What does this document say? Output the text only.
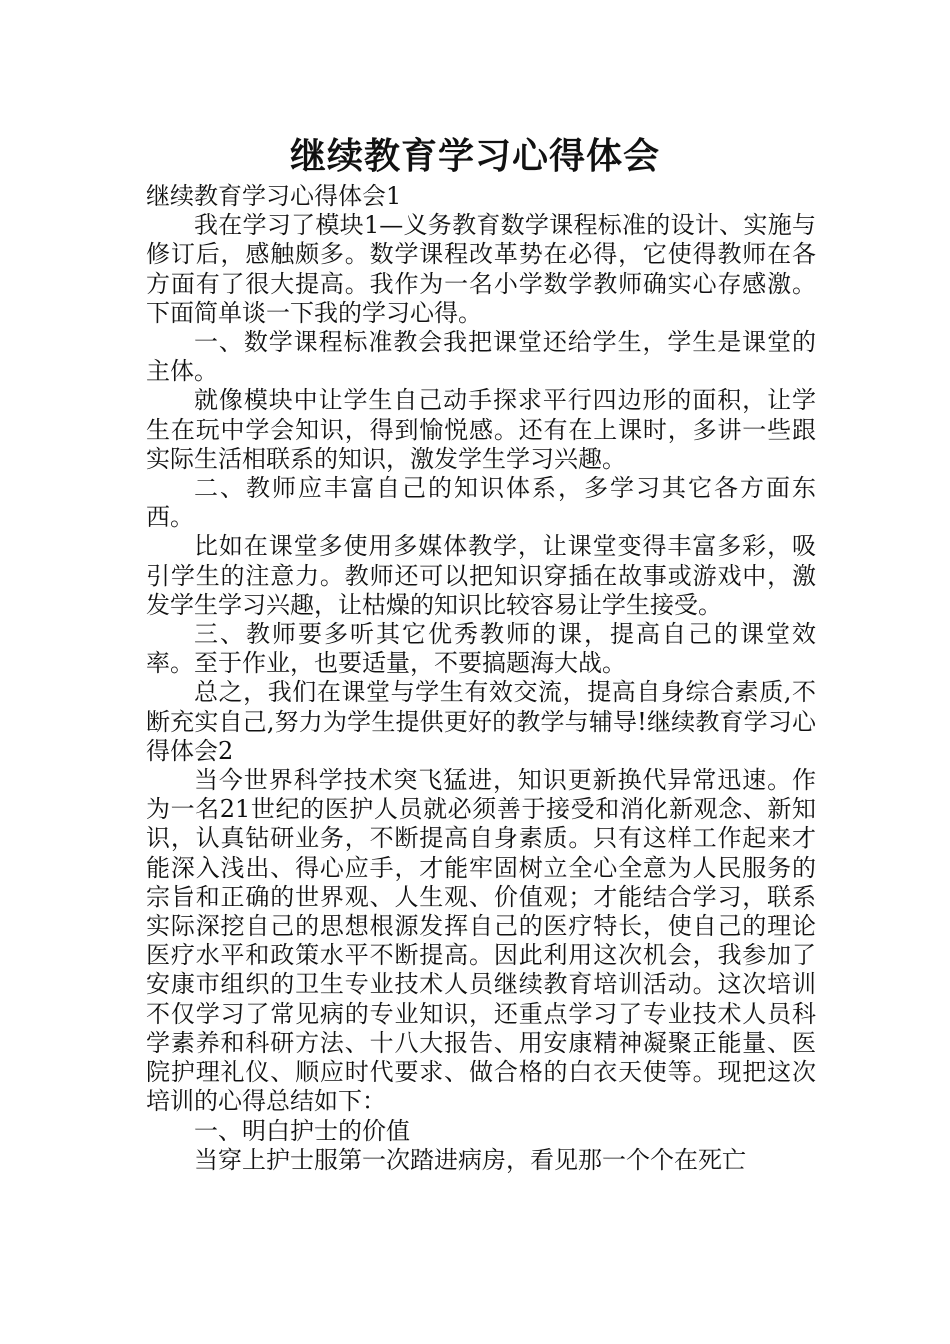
继续教育学习心得体会

继续教育学习心得体会1

我在学习了模块1—义务教育数学课程标准的设计、实施与修订后，感触颇多。数学课程改革势在必得，它使得教师在各方面有了很大提高。我作为一名小学数学教师确实心存感激。下面简单谈一下我的学习心得。

一、数学课程标准教会我把课堂还给学生，学生是课堂的主体。

就像模块中让学生自己动手探求平行四边形的面积，让学生在玩中学会知识，得到愉悦感。还有在上课时，多讲一些跟实际生活相联系的知识，激发学生学习兴趣。

二、教师应丰富自己的知识体系，多学习其它各方面东西。

比如在课堂多使用多媒体教学，让课堂变得丰富多彩，吸引学生的注意力。教师还可以把知识穿插在故事或游戏中，激发学生学习兴趣，让枯燥的知识比较容易让学生接受。

三、教师要多听其它优秀教师的课，提高自己的课堂效率。至于作业，也要适量，不要搞题海大战。

总之，我们在课堂与学生有效交流，提高自身综合素质,不断充实自己,努力为学生提供更好的教学与辅导!继续教育学习心得体会2

当今世界科学技术突飞猛进，知识更新换代异常迅速。作为一名21世纪的医护人员就必须善于接受和消化新观念、新知识，认真钻研业务，不断提高自身素质。只有这样工作起来才能深入浅出、得心应手，才能牢固树立全心全意为人民服务的宗旨和正确的世界观、人生观、价值观；才能结合学习，联系实际深挖自己的思想根源发挥自己的医疗特长，使自己的理论医疗水平和政策水平不断提高。因此利用这次机会，我参加了安康市组织的卫生专业技术人员继续教育培训活动。这次培训不仅学习了常见病的专业知识，还重点学习了专业技术人员科学素养和科研方法、十八大报告、用安康精神凝聚正能量、医院护理礼仪、顺应时代要求、做合格的白衣天使等。现把这次培训的心得总结如下：

一、明白护士的价值

当穿上护士服第一次踏进病房，看见那一个个在死亡
